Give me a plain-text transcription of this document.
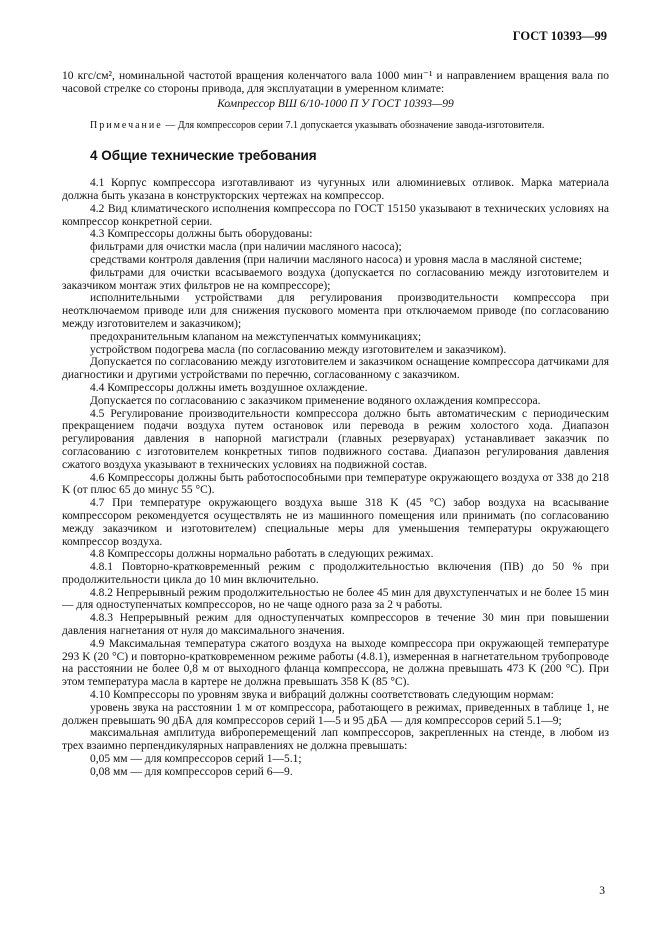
ГОСТ 10393—99

10 кгс/см², номинальной частотой вращения коленчатого вала 1000 мин⁻¹ и направлением вращения вала по часовой стрелке со стороны привода, для эксплуатации в умеренном климате:

Компрессор ВШ 6/10-1000 П У ГОСТ 10393—99

Примечание — Для компрессоров серии 7.1 допускается указывать обозначение завода-изготовителя.

4 Общие технические требования

4.1 Корпус компрессора изготавливают из чугунных или алюминиевых отливок. Марка материала должна быть указана в конструкторских чертежах на компрессор.

4.2 Вид климатического исполнения компрессора по ГОСТ 15150 указывают в технических условиях на компрессор конкретной серии.

4.3 Компрессоры должны быть оборудованы:

фильтрами для очистки масла (при наличии масляного насоса);

средствами контроля давления (при наличии масляного насоса) и уровня масла в масляной системе;

фильтрами для очистки всасываемого воздуха (допускается по согласованию между изготовителем и заказчиком монтаж этих фильтров не на компрессоре);

исполнительными устройствами для регулирования производительности компрессора при неотключаемом приводе или для снижения пускового момента при отключаемом приводе (по согласованию между изготовителем и заказчиком);

предохранительным клапаном на межступенчатых коммуникациях;

устройством подогрева масла (по согласованию между изготовителем и заказчиком).

Допускается по согласованию между изготовителем и заказчиком оснащение компрессора датчиками для диагностики и другими устройствами по перечню, согласованному с заказчиком.

4.4 Компрессоры должны иметь воздушное охлаждение.

Допускается по согласованию с заказчиком применение водяного охлаждения компрессора.

4.5 Регулирование производительности компрессора должно быть автоматическим с периодическим прекращением подачи воздуха путем остановок или перевода в режим холостого хода. Диапазон регулирования давления в напорной магистрали (главных резервуарах) устанавливает заказчик по согласованию с изготовителем конкретных типов подвижного состава. Диапазон регулирования давления сжатого воздуха указывают в технических условиях на подвижной состав.

4.6 Компрессоры должны быть работоспособными при температуре окружающего воздуха от 338 до 218 K (от плюс 65 до минус 55 °C).

4.7 При температуре окружающего воздуха выше 318 K (45 °C) забор воздуха на всасывание компрессором рекомендуется осуществлять не из машинного помещения или принимать (по согласованию между заказчиком и изготовителем) специальные меры для уменьшения температуры окружающего компрессор воздуха.

4.8 Компрессоры должны нормально работать в следующих режимах.

4.8.1 Повторно-кратковременный режим с продолжительностью включения (ПВ) до 50 % при продолжительности цикла до 10 мин включительно.

4.8.2 Непрерывный режим продолжительностью не более 45 мин для двухступенчатых и не более 15 мин — для одноступенчатых компрессоров, но не чаще одного раза за 2 ч работы.

4.8.3 Непрерывный режим для одноступенчатых компрессоров в течение 30 мин при повышении давления нагнетания от нуля до максимального значения.

4.9 Максимальная температура сжатого воздуха на выходе компрессора при окружающей температуре 293 K (20 °C) и повторно-кратковременном режиме работы (4.8.1), измеренная в нагнетательном трубопроводе на расстоянии не более 0,8 м от выходного фланца компрессора, не должна превышать 473 K (200 °C). При этом температура масла в картере не должна превышать 358 K (85 °C).

4.10 Компрессоры по уровням звука и вибраций должны соответствовать следующим нормам:

уровень звука на расстоянии 1 м от компрессора, работающего в режимах, приведенных в таблице 1, не должен превышать 90 дБА для компрессоров серий 1—5 и 95 дБА — для компрессоров серий 5.1—9;

максимальная амплитуда виброперемещений лап компрессоров, закрепленных на стенде, в любом из трех взаимно перпендикулярных направлениях не должна превышать:

0,05 мм — для компрессоров серий 1—5.1;

0,08 мм — для компрессоров серий 6—9.

3
